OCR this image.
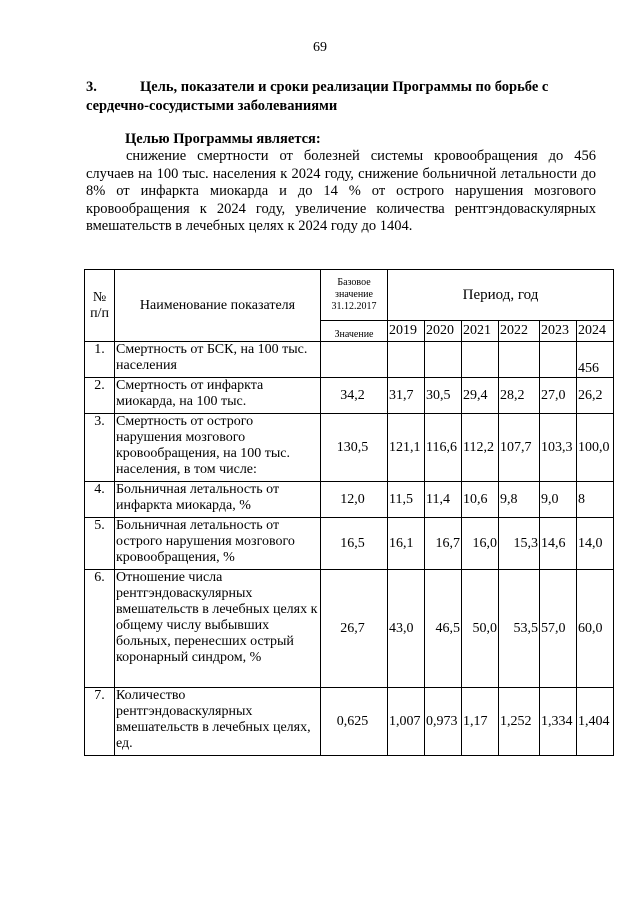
69
3.	Цель, показатели и сроки реализации Программы по борьбе с сердечно-сосудистыми заболеваниями
Целью Программы является:
снижение смертности от болезней системы кровообращения до 456 случаев на 100 тыс. населения к 2024 году, снижение больничной летальности до 8% от инфаркта миокарда и до 14 % от острого нарушения мозгового кровообращения к 2024 году, увеличение количества рентгэндоваскулярных вмешательств в лечебных целях к 2024 году до 1404.
№ п/п	Наименование показателя	Базовое значение 31.12.2017	Период, год					
		Значение	2019	2020	2021	2022	2023	2024
1.	Смертность от БСК, на 100 тыс. населения							456
2.	Смертность от инфаркта миокарда, на 100 тыс.	34,2	31,7	30,5	29,4	28,2	27,0	26,2
3.	Смертность от острого нарушения мозгового кровообращения, на 100 тыс. населения, в том числе:	130,5	121,1	116,6	112,2	107,7	103,3	100,0
4.	Больничная летальность от инфаркта миокарда, %	12,0	11,5	11,4	10,6	9,8	9,0	8
5.	Больничная летальность от острого нарушения мозгового кровообращения, %	16,5	16,1	16,7	16,0	15,3	14,6	14,0
6.	Отношение числа рентгэндоваскулярных вмешательств в лечебных целях к общему числу выбывших больных, перенесших острый коронарный синдром, %	26,7	43,0	46,5	50,0	53,5	57,0	60,0
7.	Количество рентгэндоваскулярных вмешательств в лечебных целях, ед.	0,625	1,007	0,973	1,17	1,252	1,334	1,404
